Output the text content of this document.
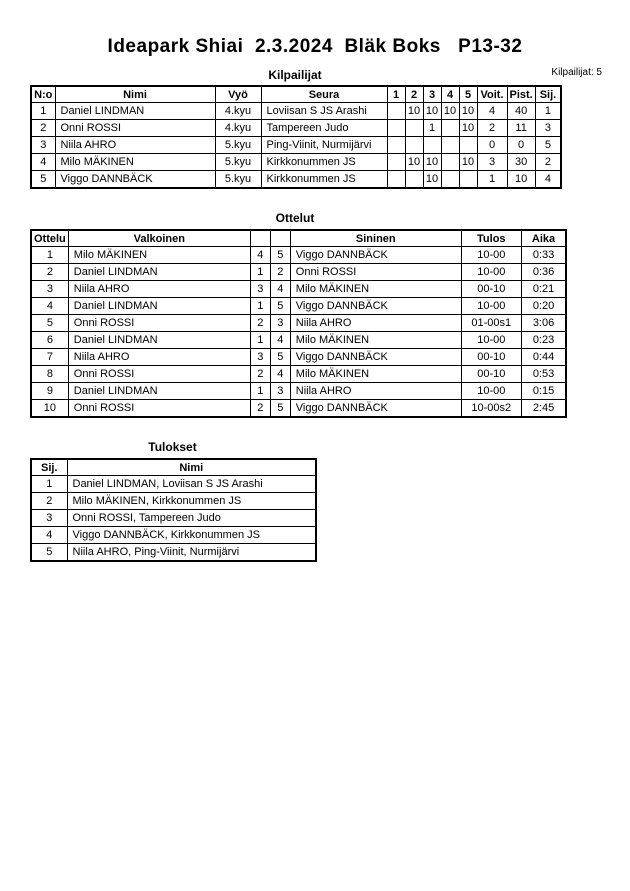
Ideapark Shiai  2.3.2024  Bläk Boks   P13-32
Kilpailijat: 5
Kilpailijat
N:o	Nimi	Vyö	Seura	1	2	3	4	5	Voit.	Pist.	Sij.
1	Daniel LINDMAN	4.kyu	Loviisan S JS Arashi		10	10	10	10	4	40	1
2	Onni ROSSI	4.kyu	Tampereen Judo			1		10	2	11	3
3	Niila AHRO	5.kyu	Ping-Viinit, Nurmijärvi						0	0	5
4	Milo MÄKINEN	5.kyu	Kirkkonummen JS		10	10		10	3	30	2
5	Viggo DANNBÄCK	5.kyu	Kirkkonummen JS			10			1	10	4
Ottelut
Ottelu	Valkoinen			Sininen	Tulos	Aika
1	Milo MÄKINEN	4	5	Viggo DANNBÄCK	10-00	0:33
2	Daniel LINDMAN	1	2	Onni ROSSI	10-00	0:36
3	Niila AHRO	3	4	Milo MÄKINEN	00-10	0:21
4	Daniel LINDMAN	1	5	Viggo DANNBÄCK	10-00	0:20
5	Onni ROSSI	2	3	Niila AHRO	01-00s1	3:06
6	Daniel LINDMAN	1	4	Milo MÄKINEN	10-00	0:23
7	Niila AHRO	3	5	Viggo DANNBÄCK	00-10	0:44
8	Onni ROSSI	2	4	Milo MÄKINEN	00-10	0:53
9	Daniel LINDMAN	1	3	Niila AHRO	10-00	0:15
10	Onni ROSSI	2	5	Viggo DANNBÄCK	10-00s2	2:45
Tulokset
Sij.	Nimi
1	Daniel LINDMAN, Loviisan S JS Arashi
2	Milo MÄKINEN, Kirkkonummen JS
3	Onni ROSSI, Tampereen Judo
4	Viggo DANNBÄCK, Kirkkonummen JS
5	Niila AHRO, Ping-Viinit, Nurmijärvi
